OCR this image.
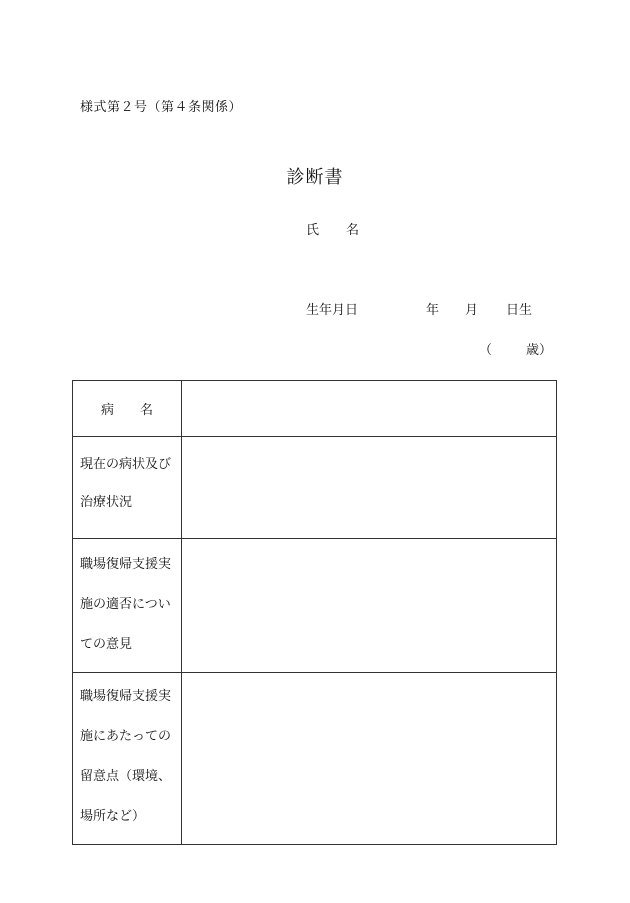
様式第２号（第４条関係）
診断書
氏 名
生年月日	年 月 日生
（	歳）
病 名	

現在の病状及び
治療状況	

職場復帰支援実
施の適否につい
ての意見	

職場復帰支援実
施にあたっての
留意点（環境、
場所など）	
